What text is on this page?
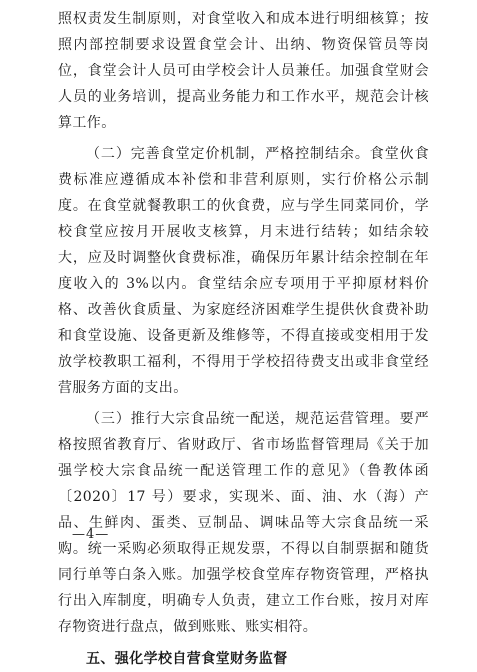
照权责发生制原则，对食堂收入和成本进行明细核算；按照内部控制要求设置食堂会计、出纳、物资保管员等岗位，食堂会计人员可由学校会计人员兼任。加强食堂财会人员的业务培训，提高业务能力和工作水平，规范会计核算工作。

（二）完善食堂定价机制，严格控制结余。食堂伙食费标准应遵循成本补偿和非营利原则，实行价格公示制度。在食堂就餐教职工的伙食费，应与学生同菜同价，学校食堂应按月开展收支核算，月末进行结转；如结余较大，应及时调整伙食费标准，确保历年累计结余控制在年度收入的 3%以内。食堂结余应专项用于平抑原材料价格、改善伙食质量、为家庭经济困难学生提供伙食费补助和食堂设施、设备更新及维修等，不得直接或变相用于发放学校教职工福利，不得用于学校招待费支出或非食堂经营服务方面的支出。

（三）推行大宗食品统一配送，规范运营管理。要严格按照省教育厅、省财政厅、省市场监督管理局《关于加强学校大宗食品统一配送管理工作的意见》（鲁教体函〔2020〕17 号）要求，实现米、面、油、水（海）产品、生鲜肉、蛋类、豆制品、调味品等大宗食品统一采购。统一采购必须取得正规发票，不得以自制票据和随货同行单等白条入账。加强学校食堂库存物资管理，严格执行出入库制度，明确专人负责，建立工作台账，按月对库存物资进行盘点，做到账账、账实相符。

五、强化学校自营食堂财务监督

—4—
